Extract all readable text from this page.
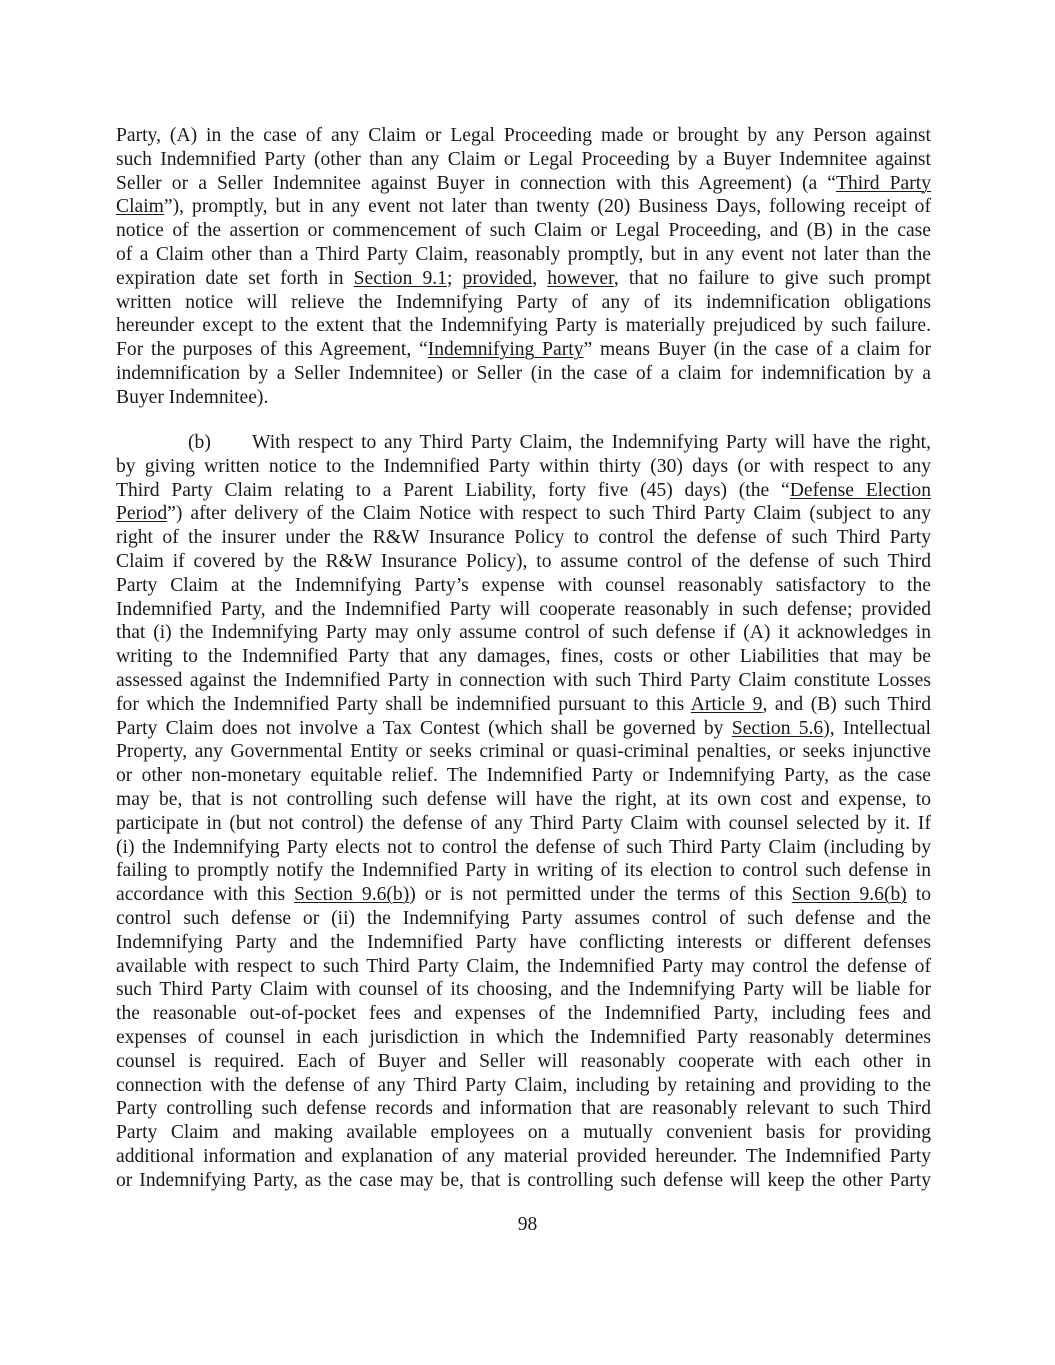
Party, (A) in the case of any Claim or Legal Proceeding made or brought by any Person against
such Indemnified Party (other than any Claim or Legal Proceeding by a Buyer Indemnitee against
Seller or a Seller Indemnitee against Buyer in connection with this Agreement) (a “Third Party
Claim”), promptly, but in any event not later than twenty (20) Business Days, following receipt of
notice of the assertion or commencement of such Claim or Legal Proceeding, and (B) in the case
of a Claim other than a Third Party Claim, reasonably promptly, but in any event not later than the
expiration date set forth in Section 9.1; provided, however, that no failure to give such prompt
written notice will relieve the Indemnifying Party of any of its indemnification obligations
hereunder except to the extent that the Indemnifying Party is materially prejudiced by such failure.
For the purposes of this Agreement, “Indemnifying Party” means Buyer (in the case of a claim for
indemnification by a Seller Indemnitee) or Seller (in the case of a claim for indemnification by a
Buyer Indemnitee).
(b) With respect to any Third Party Claim, the Indemnifying Party will have the right,
by giving written notice to the Indemnified Party within thirty (30) days (or with respect to any
Third Party Claim relating to a Parent Liability, forty five (45) days) (the “Defense Election
Period”) after delivery of the Claim Notice with respect to such Third Party Claim (subject to any
right of the insurer under the R&W Insurance Policy to control the defense of such Third Party
Claim if covered by the R&W Insurance Policy), to assume control of the defense of such Third
Party Claim at the Indemnifying Party’s expense with counsel reasonably satisfactory to the
Indemnified Party, and the Indemnified Party will cooperate reasonably in such defense; provided
that (i) the Indemnifying Party may only assume control of such defense if (A) it acknowledges in
writing to the Indemnified Party that any damages, fines, costs or other Liabilities that may be
assessed against the Indemnified Party in connection with such Third Party Claim constitute Losses
for which the Indemnified Party shall be indemnified pursuant to this Article 9, and (B) such Third
Party Claim does not involve a Tax Contest (which shall be governed by Section 5.6), Intellectual
Property, any Governmental Entity or seeks criminal or quasi-criminal penalties, or seeks injunctive
or other non-monetary equitable relief. The Indemnified Party or Indemnifying Party, as the case
may be, that is not controlling such defense will have the right, at its own cost and expense, to
participate in (but not control) the defense of any Third Party Claim with counsel selected by it. If
(i) the Indemnifying Party elects not to control the defense of such Third Party Claim (including by
failing to promptly notify the Indemnified Party in writing of its election to control such defense in
accordance with this Section 9.6(b)) or is not permitted under the terms of this Section 9.6(b) to
control such defense or (ii) the Indemnifying Party assumes control of such defense and the
Indemnifying Party and the Indemnified Party have conflicting interests or different defenses
available with respect to such Third Party Claim, the Indemnified Party may control the defense of
such Third Party Claim with counsel of its choosing, and the Indemnifying Party will be liable for
the reasonable out-of-pocket fees and expenses of the Indemnified Party, including fees and
expenses of counsel in each jurisdiction in which the Indemnified Party reasonably determines
counsel is required. Each of Buyer and Seller will reasonably cooperate with each other in
connection with the defense of any Third Party Claim, including by retaining and providing to the
Party controlling such defense records and information that are reasonably relevant to such Third
Party Claim and making available employees on a mutually convenient basis for providing
additional information and explanation of any material provided hereunder. The Indemnified Party
or Indemnifying Party, as the case may be, that is controlling such defense will keep the other Party
98
